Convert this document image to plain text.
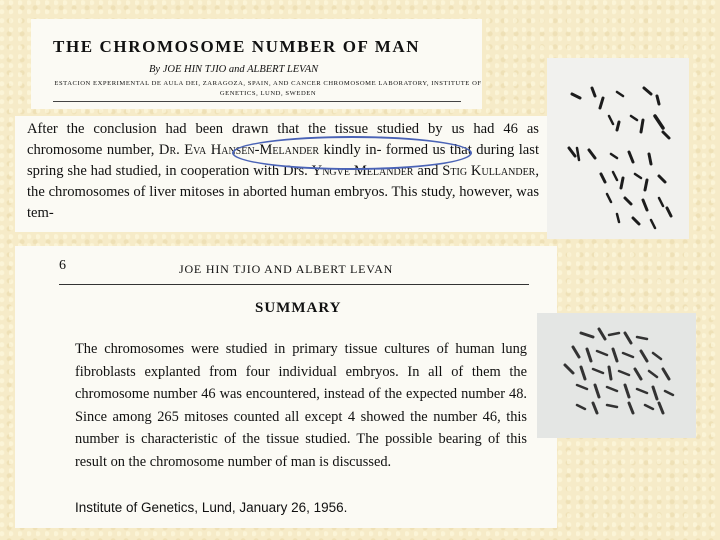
THE CHROMOSOME NUMBER OF MAN

By JOE HIN TJIO and ALBERT LEVAN

ESTACION EXPERIMENTAL DE AULA DEI, ZARAGOZA, SPAIN, AND CANCER CHROMOSOME LABORATORY, INSTITUTE OF GENETICS, LUND, SWEDEN

After the conclusion had been drawn that the tissue studied by us had 46 as chromosome number, Dr. Eva Hansen-Melander kindly in- formed us that during last spring she had studied, in cooperation with Drs. Yngve Melander and Stig Kullander, the chromosomes of liver mitoses in aborted human embryos. This study, however, was tem-

6	JOE HIN TJIO AND ALBERT LEVAN

SUMMARY

The chromosomes were studied in primary tissue cultures of human lung fibroblasts explanted from four individual embryos. In all of them the chromosome number 46 was encountered, instead of the expected number 48. Since among 265 mitoses counted all except 4 showed the number 46, this number is characteristic of the tissue studied. The possible bearing of this result on the chromosome number of man is discussed.

Institute of Genetics, Lund, January 26, 1956.
